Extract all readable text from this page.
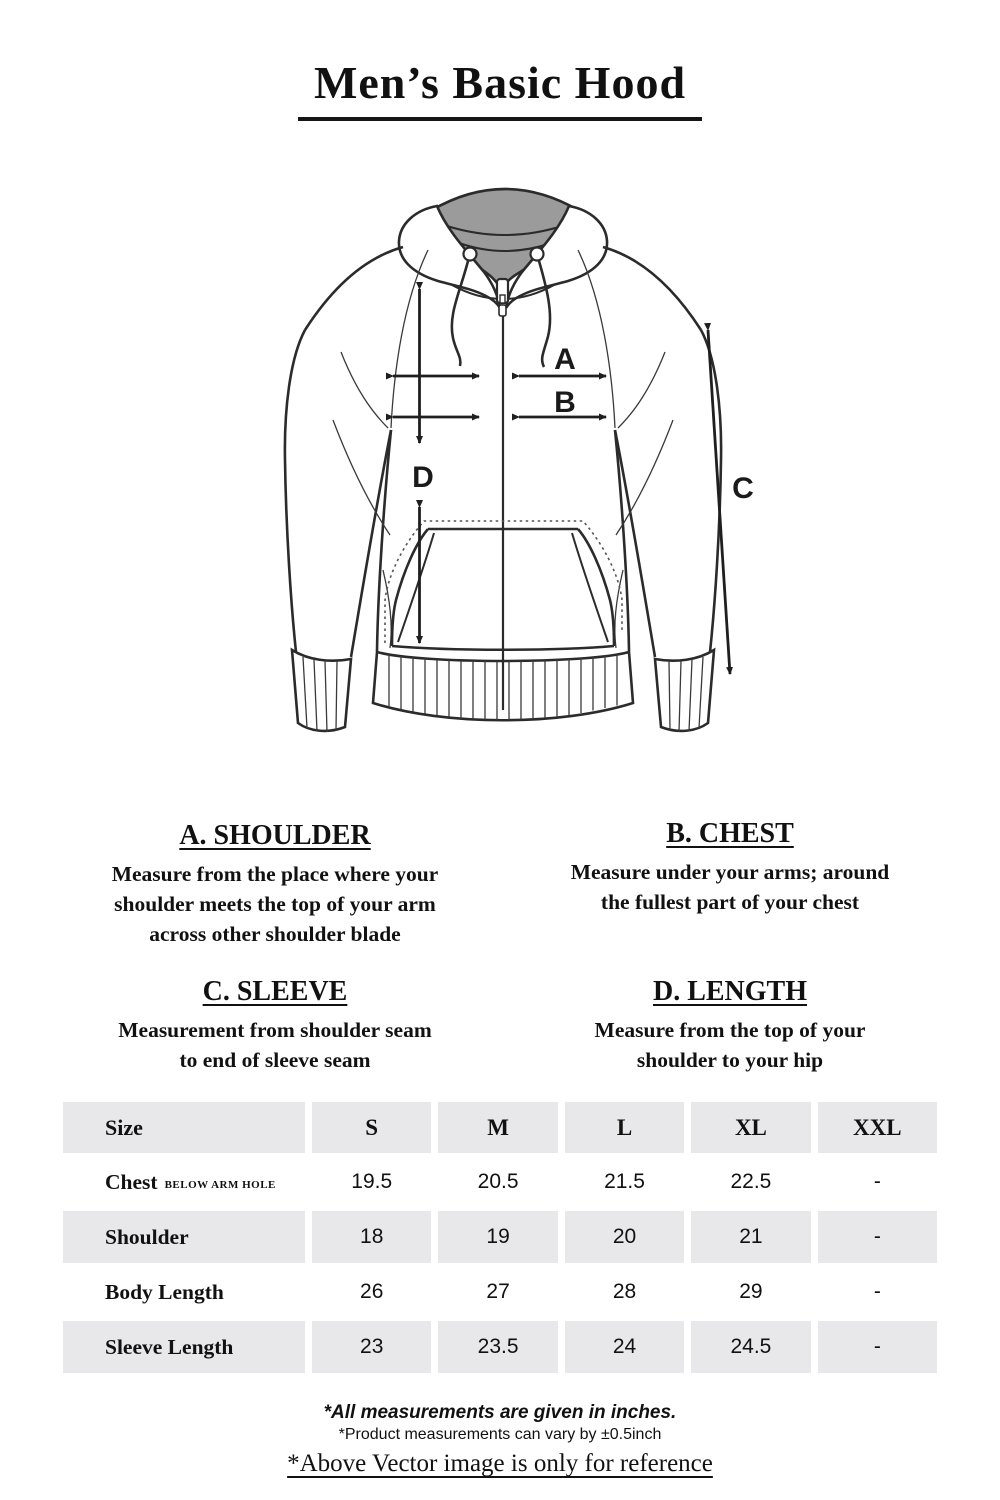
Men’s Basic Hood
A
B
C
D
A. SHOULDER
Measure from the place where your
shoulder meets the top of your arm
across other shoulder blade
B. CHEST
Measure under your arms; around
the fullest part of your chest
C. SLEEVE
Measurement from shoulder seam
to end of sleeve seam
D. LENGTH
Measure from the top of your
shoulder to your hip
Size	S	M	L	XL	XXL
Chest BELOW ARM HOLE	19.5	20.5	21.5	22.5	-
Shoulder	18	19	20	21	-
Body Length	26	27	28	29	-
Sleeve Length	23	23.5	24	24.5	-
*All measurements are given in inches.
*Product measurements can vary by ±0.5inch
*Above Vector image is only for reference
